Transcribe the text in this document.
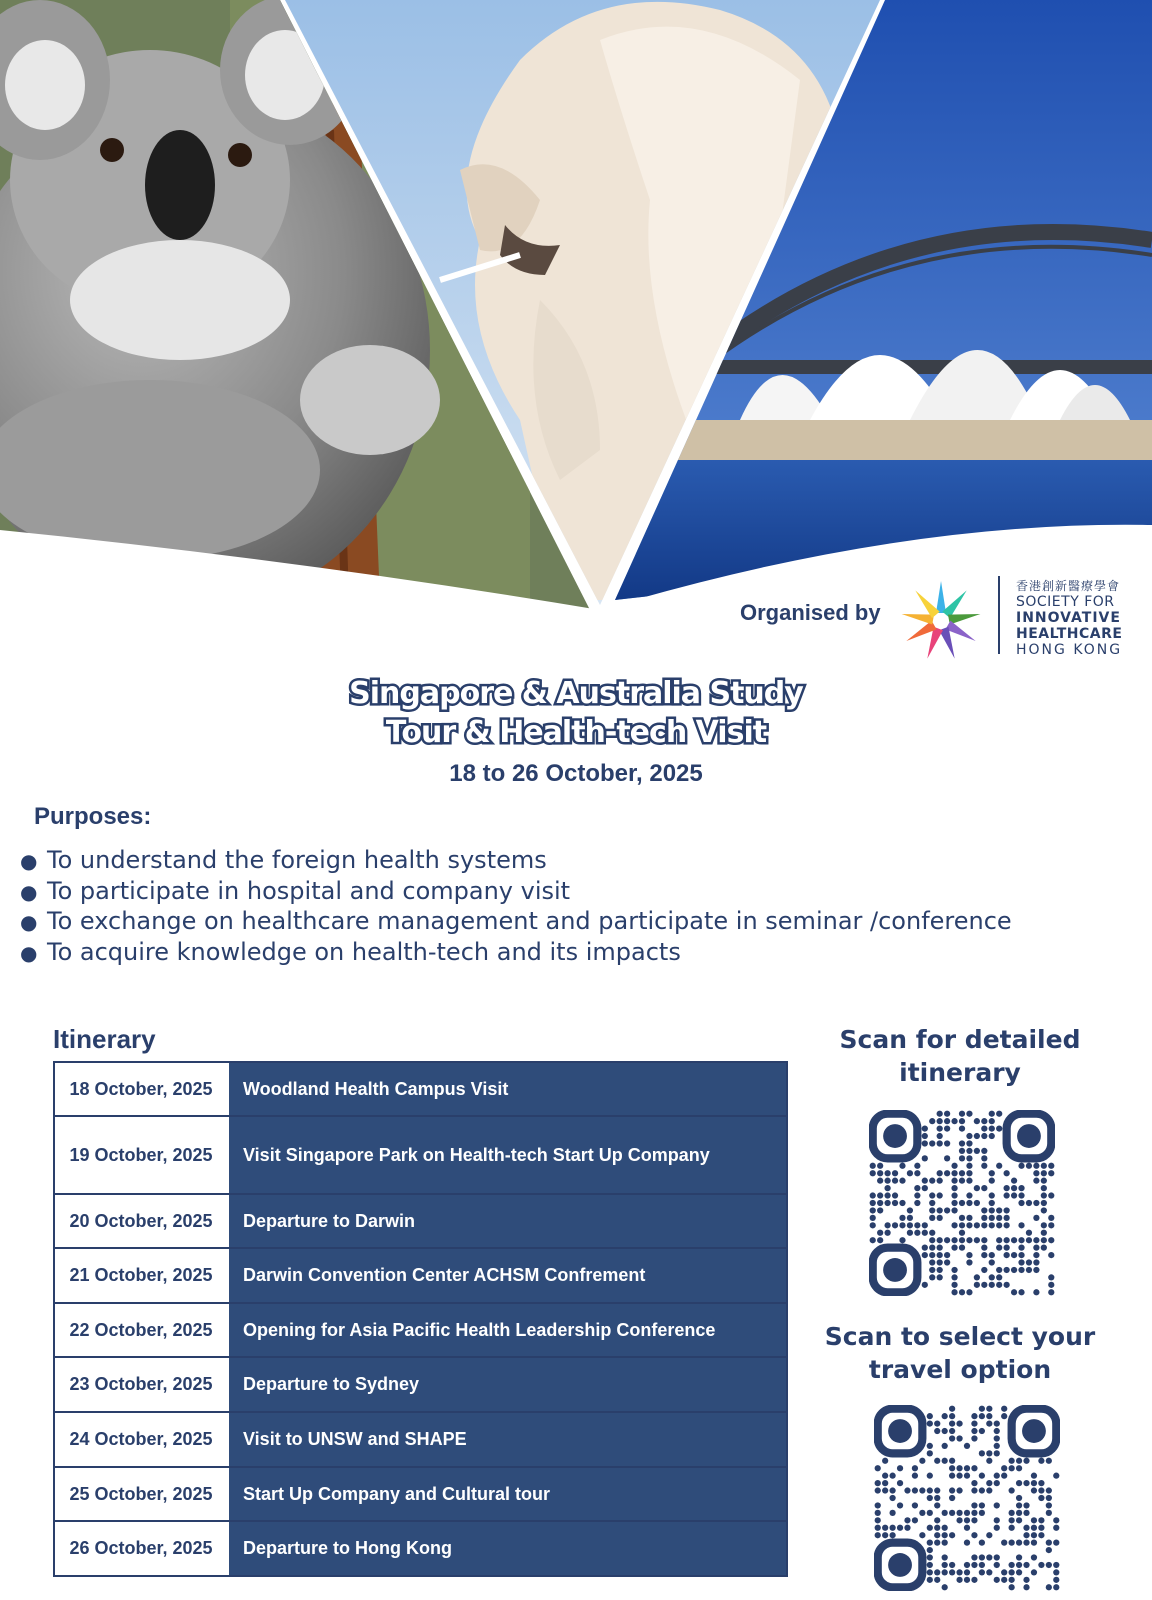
Organised by
香港創新醫療學會
SOCIETY FOR
INNOVATIVE
HEALTHCARE
HONG KONG
Singapore & Australia Study
Tour & Health-tech Visit
18 to 26 October, 2025
Purposes:
● To understand the foreign health systems
● To participate in hospital and company visit
● To exchange on healthcare management and participate in seminar /conference
● To acquire knowledge on health-tech and its impacts
Itinerary
18 October, 2025	Woodland Health Campus Visit
19 October, 2025	Visit Singapore Park on Health-tech Start Up Company
20 October, 2025	Departure to Darwin
21 October, 2025	Darwin Convention Center ACHSM Confrement
22 October, 2025	Opening for Asia Pacific Health Leadership Conference
23 October, 2025	Departure to Sydney
24 October, 2025	Visit to UNSW and SHAPE
25 October, 2025	Start Up Company and Cultural tour
26 October, 2025	Departure to Hong Kong
Scan for detailed
itinerary
Scan to select your
travel option
